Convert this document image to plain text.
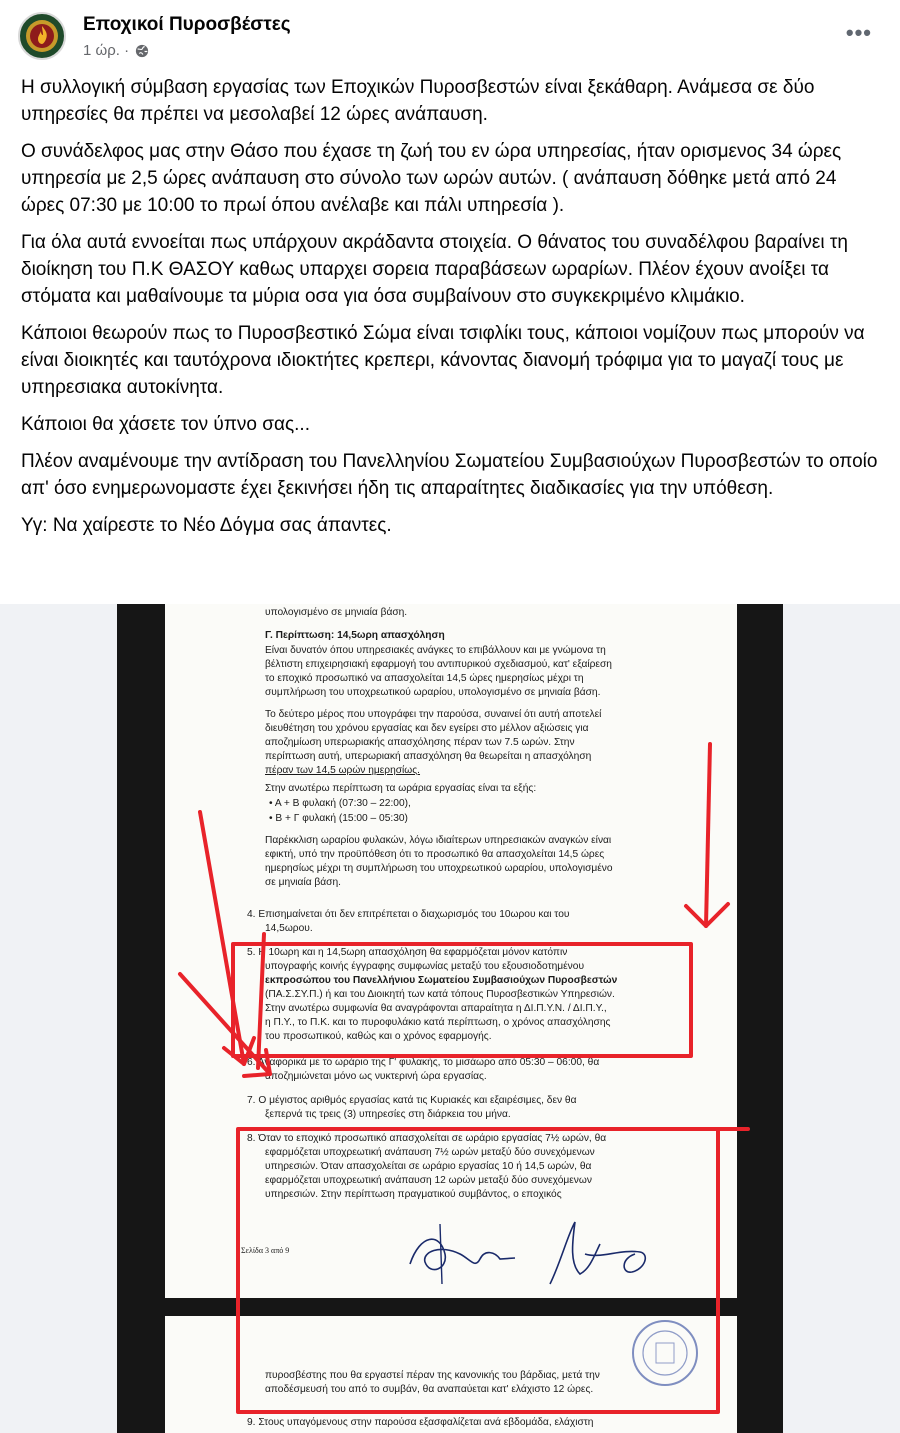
Εποχικοί Πυροσβέστες
1 ώρ. ·
•••

Η συλλογική σύμβαση εργασίας των Εποχικών Πυροσβεστών είναι ξεκάθαρη. Ανάμεσα σε δύο υπηρεσίες θα πρέπει να μεσολαβεί 12 ώρες ανάπαυση.

Ο συνάδελφος μας στην Θάσο που έχασε τη ζωή του εν ώρα υπηρεσίας, ήταν ορισμενος 34 ώρες υπηρεσία με 2,5 ώρες ανάπαυση στο σύνολο των ωρών αυτών. ( ανάπαυση δόθηκε μετά από 24 ώρες 07:30 με 10:00 το πρωί όπου ανέλαβε και πάλι υπηρεσία ).

Για όλα αυτά εννοείται πως υπάρχουν ακράδαντα στοιχεία. Ο θάνατος του συναδέλφου βαραίνει τη διοίκηση του Π.Κ ΘΑΣΟΥ καθως υπαρχει σορεια παραβάσεων ωραρίων. Πλέον έχουν ανοίξει τα στόματα και μαθαίνουμε τα μύρια οσα για όσα συμβαίνουν στο συγκεκριμένο κλιμάκιο.

Κάποιοι θεωρούν πως το Πυροσβεστικό Σώμα είναι τσιφλίκι τους, κάποιοι νομίζουν πως μπορούν να είναι διοικητές και ταυτόχρονα ιδιοκτήτες κρεπερι, κάνοντας διανομή τρόφιμα για το μαγαζί τους με υπηρεσιακα αυτοκίνητα.

Κάποιοι θα χάσετε τον ύπνο σας...

Πλέον αναμένουμε την αντίδραση του Πανελληνίου Σωματείου Συμβασιούχων Πυροσβεστών το οποίο απ' όσο ενημερωνομαστε έχει ξεκινήσει ήδη τις απαραίτητες διαδικασίες για την υπόθεση.

Υγ: Να χαίρεστε το Νέο Δόγμα σας άπαντες.

υπολογισμένο σε μηνιαία βάση.
Γ. Περίπτωση: 14,5ωρη απασχόληση
Είναι δυνατόν όπου υπηρεσιακές ανάγκες το επιβάλλουν και με γνώμονα τη
βέλτιστη επιχειρησιακή εφαρμογή του αντιπυρικού σχεδιασμού, κατ' εξαίρεση
το εποχικό προσωπικό να απασχολείται 14,5 ώρες ημερησίως μέχρι τη
συμπλήρωση του υποχρεωτικού ωραρίου, υπολογισμένο σε μηνιαία βάση.
Το δεύτερο μέρος που υπογράφει την παρούσα, συναινεί ότι αυτή αποτελεί
διευθέτηση του χρόνου εργασίας και δεν εγείρει στο μέλλον αξιώσεις για
αποζημίωση υπερωριακής απασχόλησης πέραν των 7.5 ωρών. Στην
περίπτωση αυτή, υπερωριακή απασχόληση θα θεωρείται η απασχόληση
πέραν των 14,5 ωρών ημερησίως.
Στην ανωτέρω περίπτωση τα ωράρια εργασίας είναι τα εξής:
• Α + Β φυλακή (07:30 – 22:00),
• Β + Γ φυλακή (15:00 – 05:30)
Παρέκκλιση ωραρίου φυλακών, λόγω ιδιαίτερων υπηρεσιακών αναγκών είναι
εφικτή, υπό την προϋπόθεση ότι το προσωπικό θα απασχολείται 14,5 ώρες
ημερησίως μέχρι τη συμπλήρωση του υποχρεωτικού ωραρίου, υπολογισμένο
σε μηνιαία βάση.
4. Επισημαίνεται ότι δεν επιτρέπεται ο διαχωρισμός του 10ωρου και του
14,5ωρου.
5. Η 10ωρη και η 14,5ωρη απασχόληση θα εφαρμόζεται μόνον κατόπιν
υπογραφής κοινής έγγραφης συμφωνίας μεταξύ του εξουσιοδοτημένου
εκπροσώπου του Πανελλήνιου Σωματείου Συμβασιούχων Πυροσβεστών
(ΠΑ.Σ.ΣΥ.Π.) ή και του Διοικητή των κατά τόπους Πυροσβεστικών Υπηρεσιών.
Στην ανωτέρω συμφωνία θα αναγράφονται απαραίτητα η ΔΙ.Π.Υ.Ν. / ΔΙ.Π.Υ.,
η Π.Υ., το Π.Κ. και το πυροφυλάκιο κατά περίπτωση, ο χρόνος απασχόλησης
του προσωπικού, καθώς και ο χρόνος εφαρμογής.
6. Αναφορικά με το ωράριο της Γ' φυλακής, το μισάωρο από 05:30 – 06:00, θα
αποζημιώνεται μόνο ως νυκτερινή ώρα εργασίας.
7. Ο μέγιστος αριθμός εργασίας κατά τις Κυριακές και εξαιρέσιμες, δεν θα
ξεπερνά τις τρεις (3) υπηρεσίες στη διάρκεια του μήνα.
8. Όταν το εποχικό προσωπικό απασχολείται σε ωράριο εργασίας 7½ ωρών, θα
εφαρμόζεται υποχρεωτική ανάπαυση 7½ ωρών μεταξύ δύο συνεχόμενων
υπηρεσιών. Όταν απασχολείται σε ωράριο εργασίας 10 ή 14,5 ωρών, θα
εφαρμόζεται υποχρεωτική ανάπαυση 12 ωρών μεταξύ δύο συνεχόμενων
υπηρεσιών. Στην περίπτωση πραγματικού συμβάντος, ο εποχικός
Σελίδα 3 από 9
πυροσβέστης που θα εργαστεί πέραν της κανονικής του βάρδιας, μετά την
αποδέσμευσή του από το συμβάν, θα αναπαύεται κατ' ελάχιστο 12 ώρες.
9. Στους υπαγόμενους στην παρούσα εξασφαλίζεται ανά εβδομάδα, ελάχιστη
